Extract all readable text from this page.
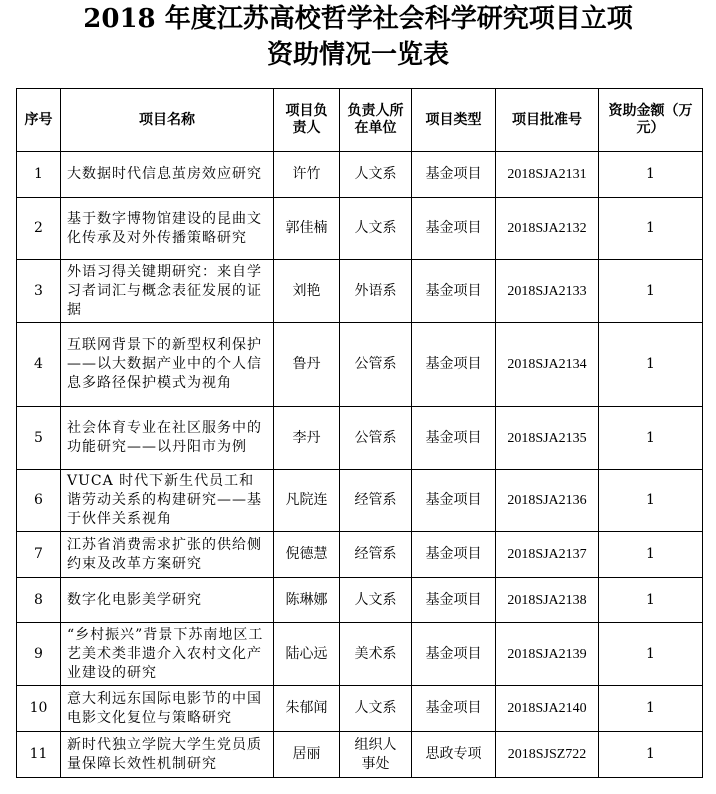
2018 年度江苏高校哲学社会科学研究项目立项
资助情况一览表
序号	项目名称	项目负责人	负责人所在单位	项目类型	项目批准号	资助金额（万元）

1	大数据时代信息茧房效应研究	许竹	人文系	基金项目	2018SJA2131	1
2	基于数字博物馆建设的昆曲文化传承及对外传播策略研究	郭佳楠	人文系	基金项目	2018SJA2132	1
3	外语习得关键期研究：来自学习者词汇与概念表征发展的证据	刘艳	外语系	基金项目	2018SJA2133	1
4	互联网背景下的新型权利保护——以大数据产业中的个人信息多路径保护模式为视角	鲁丹	公管系	基金项目	2018SJA2134	1
5	社会体育专业在社区服务中的功能研究——以丹阳市为例	李丹	公管系	基金项目	2018SJA2135	1
6	VUCA 时代下新生代员工和谐劳动关系的构建研究——基于伙伴关系视角	凡院连	经管系	基金项目	2018SJA2136	1
7	江苏省消费需求扩张的供给侧约束及改革方案研究	倪德慧	经管系	基金项目	2018SJA2137	1
8	数字化电影美学研究	陈琳娜	人文系	基金项目	2018SJA2138	1
9	“乡村振兴”背景下苏南地区工艺美术类非遗介入农村文化产业建设的研究	陆心远	美术系	基金项目	2018SJA2139	1
10	意大利远东国际电影节的中国电影文化复位与策略研究	朱郁闻	人文系	基金项目	2018SJA2140	1
11	新时代独立学院大学生党员质量保障长效性机制研究	居丽	组织人事处	思政专项	2018SJSZ722	1
